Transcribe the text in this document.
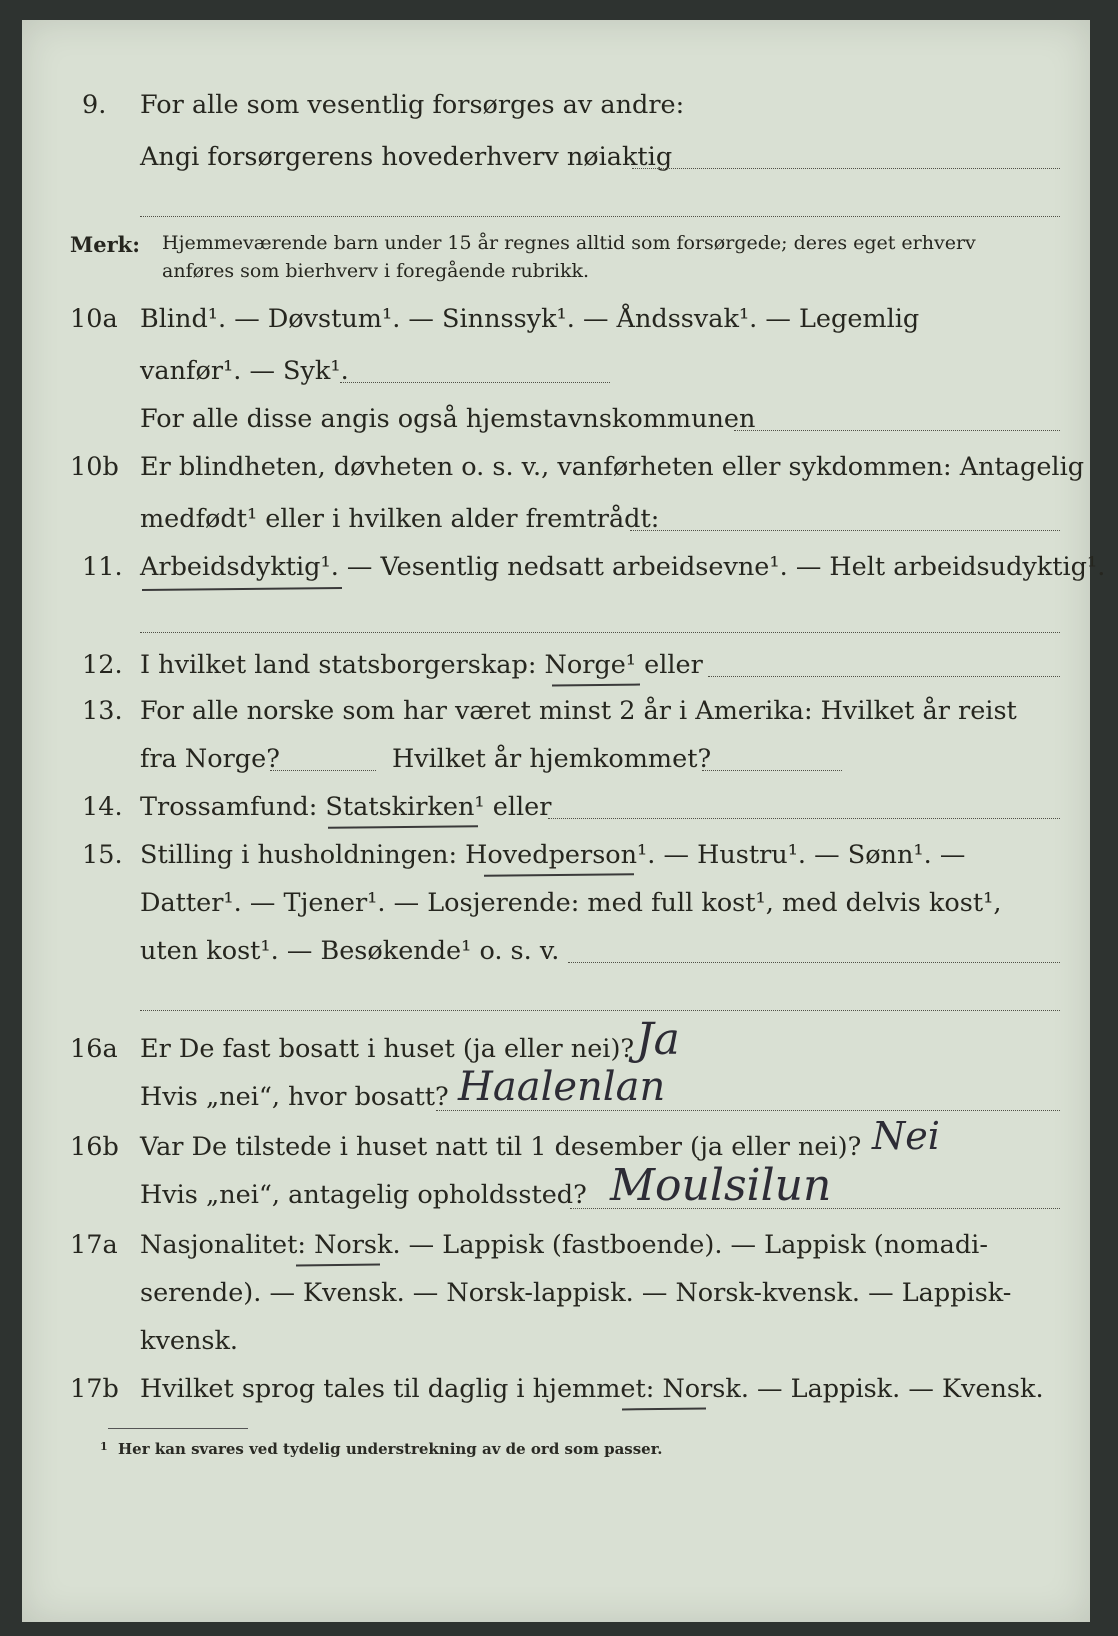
9. For alle som vesentlig forsørges av andre:
Angi forsørgerens hovederhverv nøiaktig
Merk: Hjemmeværende barn under 15 år regnes alltid som forsørgede; deres eget erhverv
anføres som bierhverv i foregående rubrikk.
10a Blind¹. — Døvstum¹. — Sinnssyk¹. — Åndssvak¹. — Legemlig
vanfør¹. — Syk¹.
For alle disse angis også hjemstavnskommunen
10b Er blindheten, døvheten o. s. v., vanførheten eller sykdommen: Antagelig
medfødt¹ eller i hvilken alder fremtrådt:
11. Arbeidsdyktig¹. — Vesentlig nedsatt arbeidsevne¹. — Helt arbeidsudyktig¹.
12. I hvilket land statsborgerskap: Norge¹ eller
13. For alle norske som har været minst 2 år i Amerika: Hvilket år reist
fra Norge?	Hvilket år hjemkommet?
14. Trossamfund: Statskirken¹ eller
15. Stilling i husholdningen: Hovedperson¹. — Hustru¹. — Sønn¹. —
Datter¹. — Tjener¹. — Losjerende: med full kost¹, med delvis kost¹,
uten kost¹. — Besøkende¹ o. s. v.
16a Er De fast bosatt i huset (ja eller nei)? Ja
Hvis „nei“, hvor bosatt? Haalenlan
16b Var De tilstede i huset natt til 1 desember (ja eller nei)? Nei
Hvis „nei“, antagelig opholdssted? Moulsilun
17a Nasjonalitet: Norsk. — Lappisk (fastboende). — Lappisk (nomadi-
serende). — Kvensk. — Norsk-lappisk. — Norsk-kvensk. — Lappisk-
kvensk.
17b Hvilket sprog tales til daglig i hjemmet: Norsk. — Lappisk. — Kvensk.
1 Her kan svares ved tydelig understrekning av de ord som passer.
